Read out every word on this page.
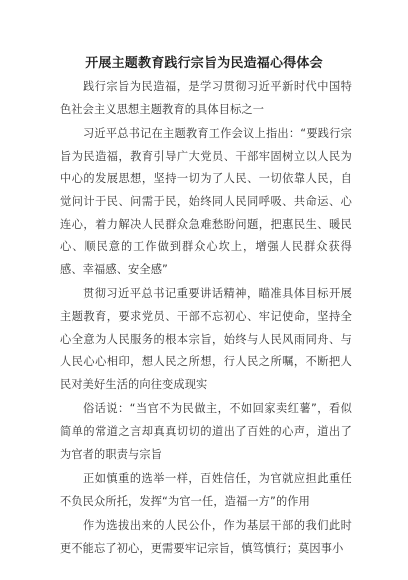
开展主题教育践行宗旨为民造福心得体会

践行宗旨为民造福，是学习贯彻习近平新时代中国特色社会主义思想主题教育的具体目标之一

习近平总书记在主题教育工作会议上指出：“要践行宗旨为民造福，教育引导广大党员、干部牢固树立以人民为中心的发展思想，坚持一切为了人民、一切依靠人民，自觉问计于民、问需于民，始终同人民同呼吸、共命运、心连心，着力解决人民群众急难愁盼问题，把惠民生、暖民心、顺民意的工作做到群众心坎上，增强人民群众获得感、幸福感、安全感”

贯彻习近平总书记重要讲话精神，瞄准具体目标开展主题教育，要求党员、干部不忘初心、牢记使命，坚持全心全意为人民服务的根本宗旨，始终与人民风雨同舟、与人民心心相印，想人民之所想，行人民之所嘱，不断把人民对美好生活的向往变成现实

俗话说：“当官不为民做主，不如回家卖红薯”，看似简单的常道之言却真真切切的道出了百姓的心声，道出了为官者的职责与宗旨

正如慎重的选举一样，百姓信任，为官就应担此重任不负民众所托，发挥“为官一任，造福一方”的作用

作为选拔出来的人民公仆，作为基层干部的我们此时更不能忘了初心，更需要牢记宗旨，慎笃慎行；莫因事小
